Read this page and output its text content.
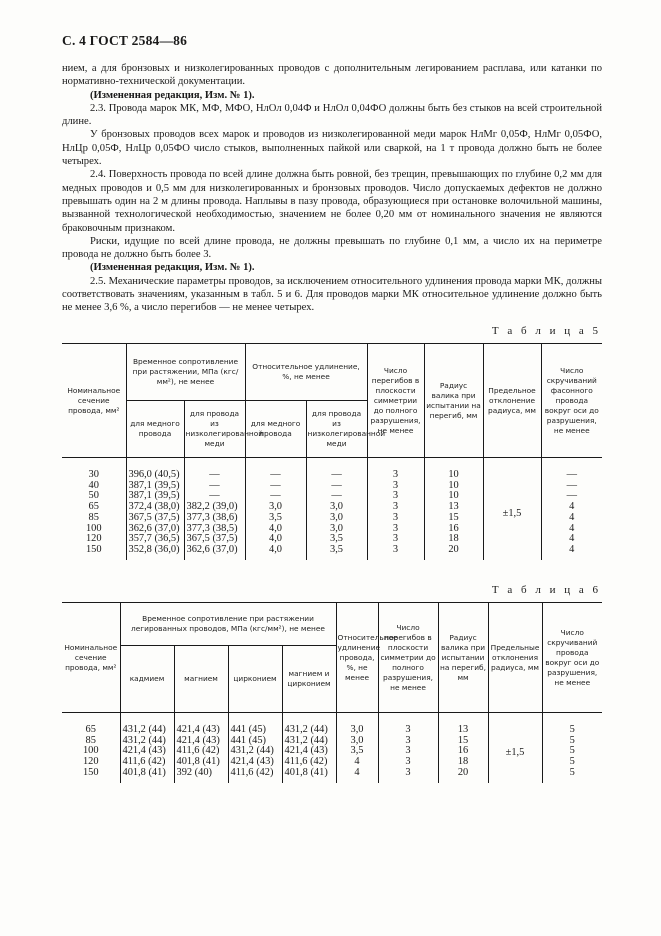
С. 4 ГОСТ 2584—86

нием, а для бронзовых и низколегированных проводов с дополнительным легированием расплава, или катанки по нормативно-технической документации.

(Измененная редакция, Изм. № 1).

2.3. Провода марок МК, МФ, МФО, НлОл 0,04Ф и НлОл 0,04ФО должны быть без стыков на всей строительной длине.

У бронзовых проводов всех марок и проводов из низколегированной меди марок НлМг 0,05Ф, НлМг 0,05ФО, НлЦр 0,05Ф, НлЦр 0,05ФО число стыков, выполненных пайкой или сваркой, на 1 т провода должно быть не более четырех.

2.4. Поверхность провода по всей длине должна быть ровной, без трещин, превышающих по глубине 0,2 мм для медных проводов и 0,5 мм для низколегированных и бронзовых проводов. Число допускаемых дефектов не должно превышать один на 2 м длины провода. Наплывы в пазу провода, образующиеся при остановке волочильной машины, вызванной технологической необходимостью, значением не более 0,20 мм от номинального значения не являются браковочным признаком.

Риски, идущие по всей длине провода, не должны превышать по глубине 0,1 мм, а число их на периметре провода не должно быть более 3.

(Измененная редакция, Изм. № 1).

2.5. Механические параметры проводов, за исключением относительного удлинения провода марки МК, должны соответствовать значениям, указанным в табл. 5 и 6. Для проводов марки МК относительное удлинение должно быть не менее 3,6 %, а число перегибов — не менее четырех.

Т а б л и ц а 5
Номинальное сечение провода, мм²	Временное сопротивление при растяжении, МПа (кгс/мм²), не менее		Относительное удлинение, %, не менее		Число перегибов в плоскости симметрии до полного разрушения, не менее	Радиус валика при испытании на перегиб, мм	Предельное отклонение радиуса, мм	Число скручиваний фасонного провода вокруг оси до разрушения, не менее
	для медного провода	для провода из низколегированной меди	для медного провода	для провода из низколегированной меди				

30	396,0 (40,5)	—	—	—	3	10	±1,5	—
40	387,1 (39,5)	—	—	—	3	10		—
50	387,1 (39,5)	—	—	—	3	10		—
65	372,4 (38,0)	382,2 (39,0)	3,0	3,0	3	13		4
85	367,5 (37,5)	377,3 (38,6)	3,5	3,0	3	15		4
100	362,6 (37,0)	377,3 (38,5)	4,0	3,0	3	16		4
120	357,7 (36,5)	367,5 (37,5)	4,0	3,5	3	18		4
150	352,8 (36,0)	362,6 (37,0)	4,0	3,5	3	20		4

Т а б л и ц а 6
Номинальное сечение провода, мм²	Временное сопротивление при растяжении легированных проводов, МПа (кгс/мм²), не менее				Относительное удлинение провода, %, не менее	Число перегибов в плоскости симметрии до полного разрушения, не менее	Радиус валика при испытании на перегиб, мм	Предельные отклонения радиуса, мм	Число скручиваний провода вокруг оси до разрушения, не менее
	кадмием	магнием	цирконием	магнием и цирконием					

65	431,2 (44)	421,4 (43)	441 (45)	431,2 (44)	3,0	3	13	±1,5	5
85	431,2 (44)	421,4 (43)	441 (45)	431,2 (44)	3,0	3	15		5
100	421,4 (43)	411,6 (42)	431,2 (44)	421,4 (43)	3,5	3	16		5
120	411,6 (42)	401,8 (41)	421,4 (43)	411,6 (42)	4	3	18		5
150	401,8 (41)	392 (40)	411,6 (42)	401,8 (41)	4	3	20		5
